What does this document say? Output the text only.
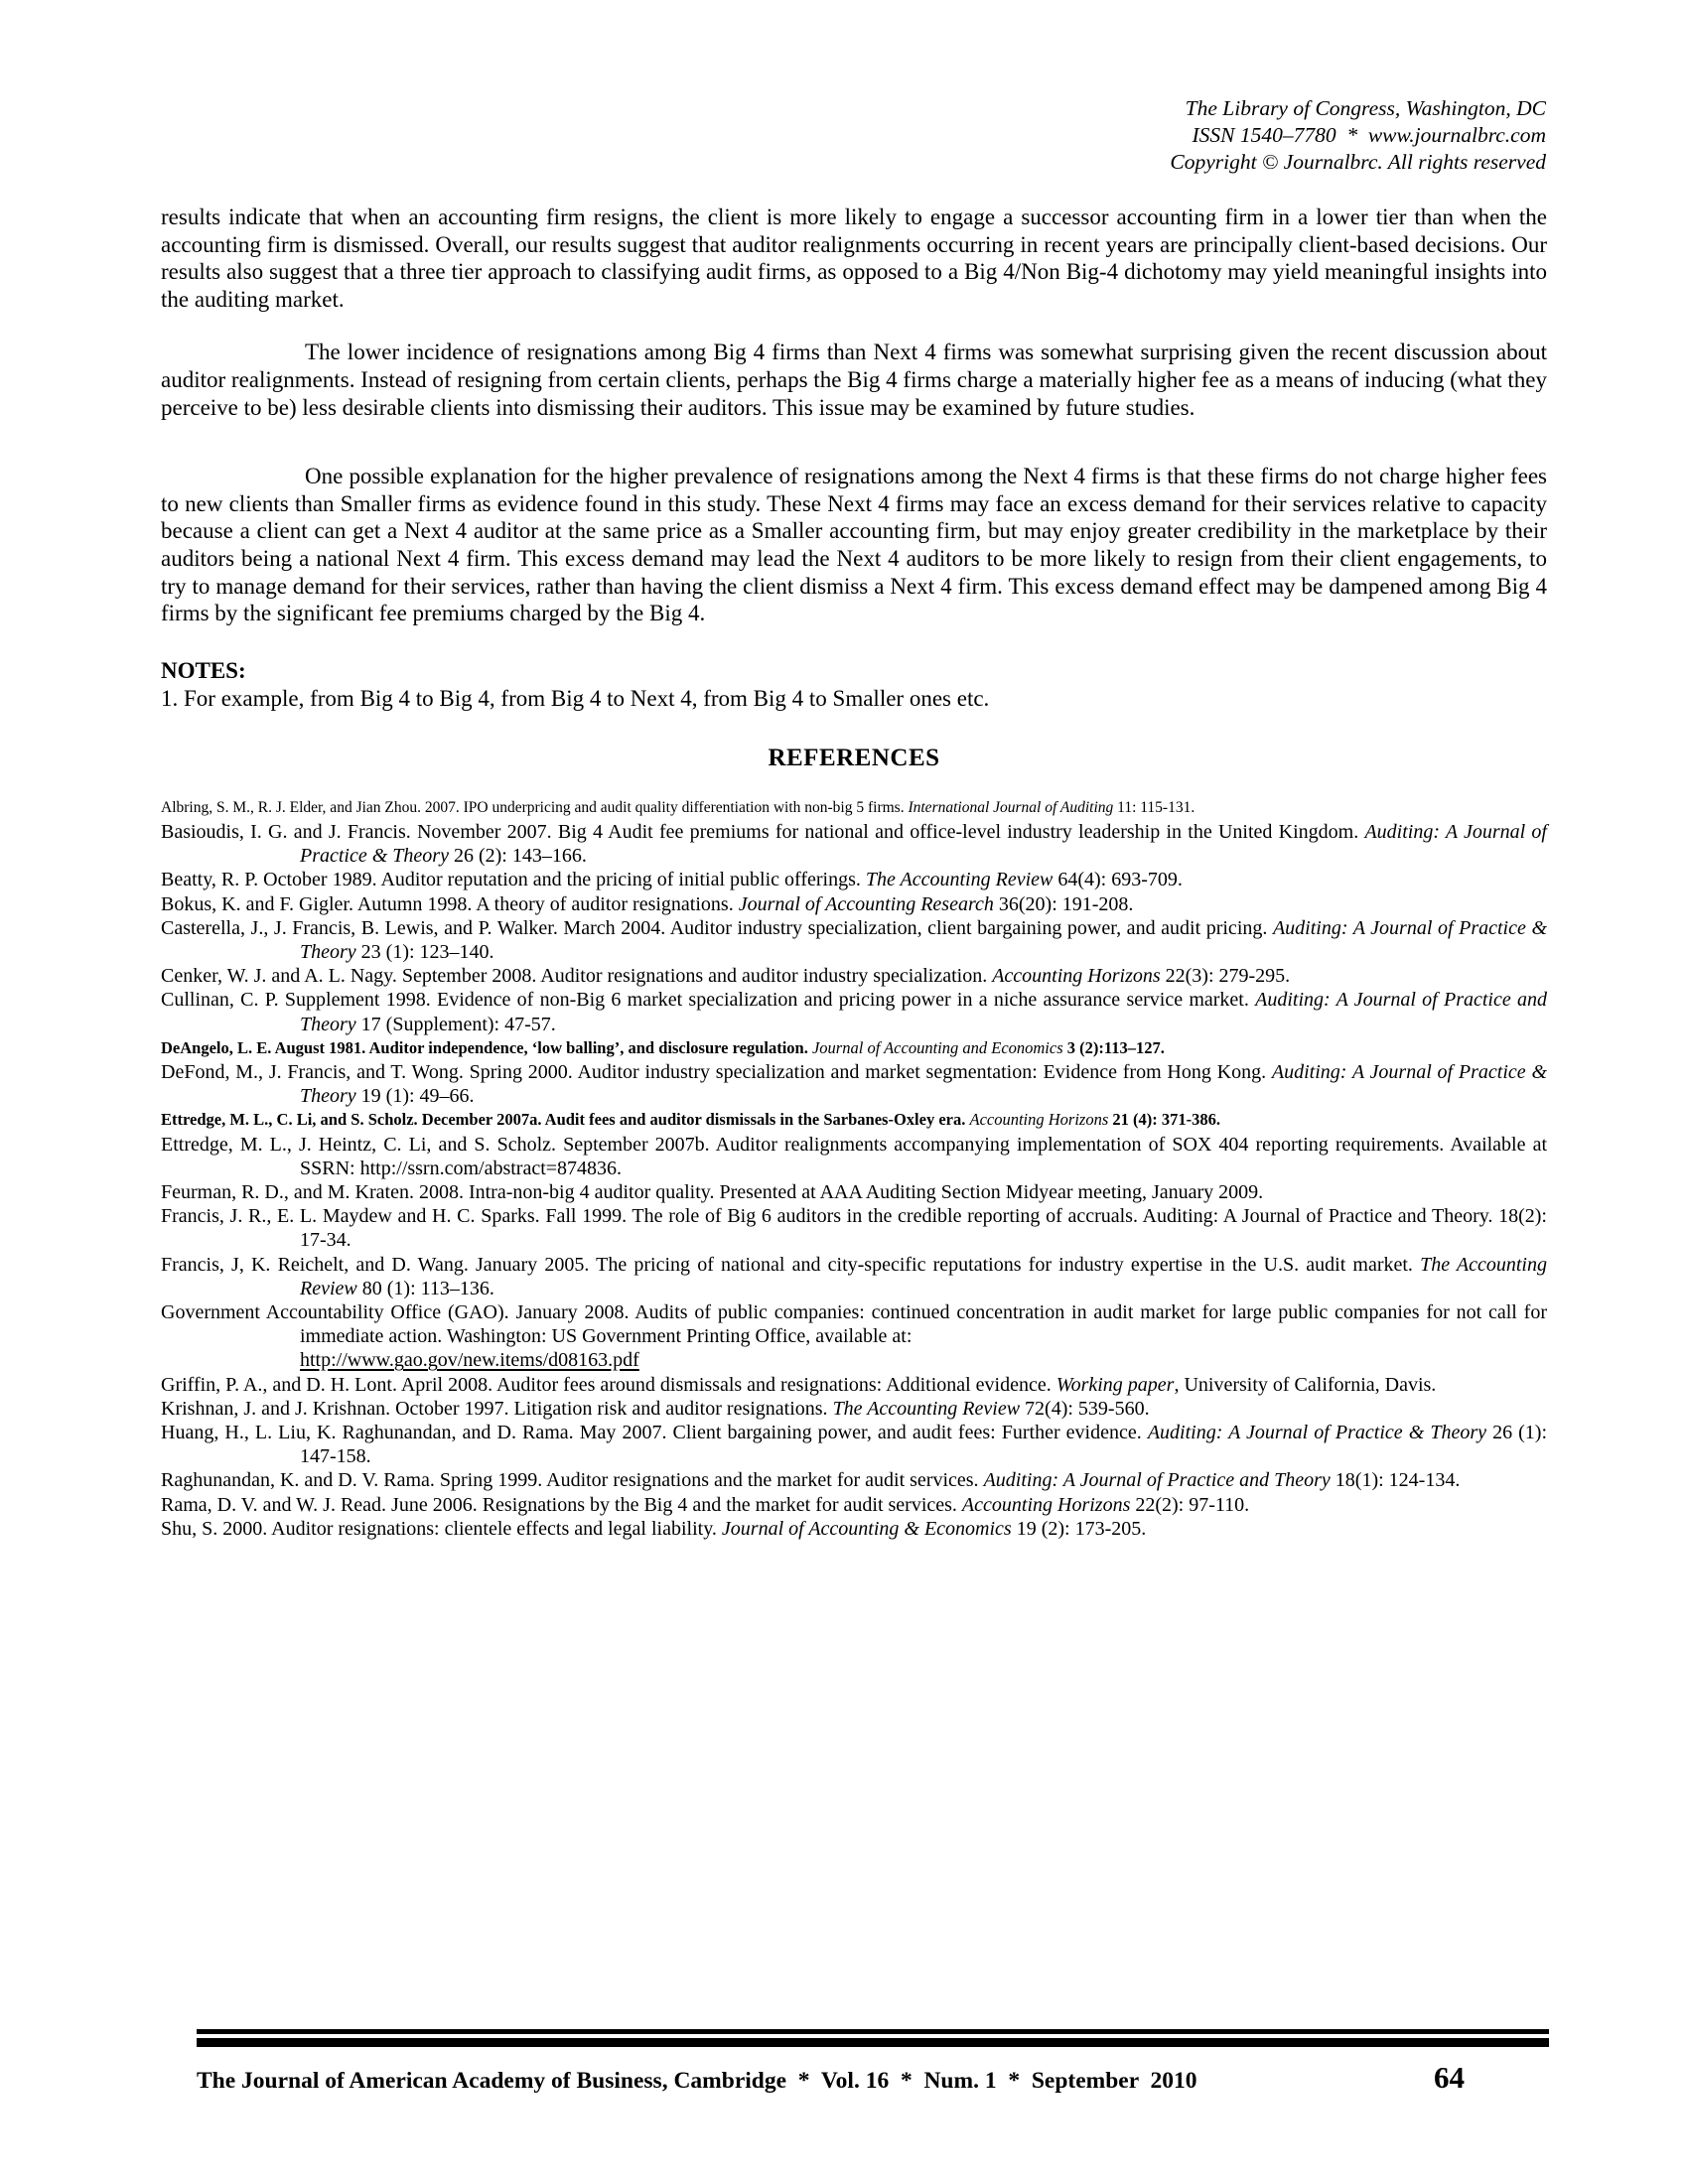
The Library of Congress, Washington, DC
ISSN 1540–7780  *  www.journalbrc.com
Copyright © Journalbrc. All rights reserved

results indicate that when an accounting firm resigns, the client is more likely to engage a successor accounting firm in a lower tier than when the accounting firm is dismissed. Overall, our results suggest that auditor realignments occurring in recent years are principally client-based decisions. Our results also suggest that a three tier approach to classifying audit firms, as opposed to a Big 4/Non Big-4 dichotomy may yield meaningful insights into the auditing market.

The lower incidence of resignations among Big 4 firms than Next 4 firms was somewhat surprising given the recent discussion about auditor realignments. Instead of resigning from certain clients, perhaps the Big 4 firms charge a materially higher fee as a means of inducing (what they perceive to be) less desirable clients into dismissing their auditors. This issue may be examined by future studies.

One possible explanation for the higher prevalence of resignations among the Next 4 firms is that these firms do not charge higher fees to new clients than Smaller firms as evidence found in this study. These Next 4 firms may face an excess demand for their services relative to capacity because a client can get a Next 4 auditor at the same price as a Smaller accounting firm, but may enjoy greater credibility in the marketplace by their auditors being a national Next 4 firm. This excess demand may lead the Next 4 auditors to be more likely to resign from their client engagements, to try to manage demand for their services, rather than having the client dismiss a Next 4 firm. This excess demand effect may be dampened among Big 4 firms by the significant fee premiums charged by the Big 4.

NOTES:
1. For example, from Big 4 to Big 4, from Big 4 to Next 4, from Big 4 to Smaller ones etc.
REFERENCES
Albring, S. M., R. J. Elder, and Jian Zhou. 2007. IPO underpricing and audit quality differentiation with non-big 5 firms. International Journal of Auditing 11: 115-131.
Basioudis, I. G. and J. Francis. November 2007. Big 4 Audit fee premiums for national and office-level industry leadership in the United Kingdom. Auditing: A Journal of Practice & Theory 26 (2): 143–166.
Beatty, R. P. October 1989. Auditor reputation and the pricing of initial public offerings. The Accounting Review 64(4): 693-709.
Bokus, K. and F. Gigler. Autumn 1998. A theory of auditor resignations. Journal of Accounting Research 36(20): 191-208.
Casterella, J., J. Francis, B. Lewis, and P. Walker. March 2004. Auditor industry specialization, client bargaining power, and audit pricing. Auditing: A Journal of Practice & Theory 23 (1): 123–140.
Cenker, W. J. and A. L. Nagy. September 2008. Auditor resignations and auditor industry specialization. Accounting Horizons 22(3): 279-295.
Cullinan, C. P. Supplement 1998. Evidence of non-Big 6 market specialization and pricing power in a niche assurance service market. Auditing: A Journal of Practice and Theory 17 (Supplement): 47-57.
DeAngelo, L. E. August 1981. Auditor independence, ‘low balling’, and disclosure regulation. Journal of Accounting and Economics 3 (2):113–127.
DeFond, M., J. Francis, and T. Wong. Spring 2000. Auditor industry specialization and market segmentation: Evidence from Hong Kong. Auditing: A Journal of Practice & Theory 19 (1): 49–66.
Ettredge, M. L., C. Li, and S. Scholz. December 2007a. Audit fees and auditor dismissals in the Sarbanes-Oxley era. Accounting Horizons 21 (4): 371-386.
Ettredge, M. L., J. Heintz, C. Li, and S. Scholz. September 2007b. Auditor realignments accompanying implementation of SOX 404 reporting requirements. Available at SSRN: http://ssrn.com/abstract=874836.
Feurman, R. D., and M. Kraten. 2008. Intra-non-big 4 auditor quality. Presented at AAA Auditing Section Midyear meeting, January 2009.
Francis, J. R., E. L. Maydew and H. C. Sparks. Fall 1999. The role of Big 6 auditors in the credible reporting of accruals. Auditing: A Journal of Practice and Theory. 18(2): 17-34.
Francis, J, K. Reichelt, and D. Wang. January 2005. The pricing of national and city-specific reputations for industry expertise in the U.S. audit market. The Accounting Review 80 (1): 113–136.
Government Accountability Office (GAO). January 2008. Audits of public companies: continued concentration in audit market for large public companies for not call for immediate action. Washington: US Government Printing Office, available at:
http://www.gao.gov/new.items/d08163.pdf
Griffin, P. A., and D. H. Lont. April 2008. Auditor fees around dismissals and resignations: Additional evidence. Working paper, University of California, Davis.
Krishnan, J. and J. Krishnan. October 1997. Litigation risk and auditor resignations. The Accounting Review 72(4): 539-560.
Huang, H., L. Liu, K. Raghunandan, and D. Rama. May 2007. Client bargaining power, and audit fees: Further evidence. Auditing: A Journal of Practice & Theory 26 (1): 147-158.
Raghunandan, K. and D. V. Rama. Spring 1999. Auditor resignations and the market for audit services. Auditing: A Journal of Practice and Theory 18(1): 124-134.
Rama, D. V. and W. J. Read. June 2006. Resignations by the Big 4 and the market for audit services. Accounting Horizons 22(2): 97-110.
Shu, S. 2000. Auditor resignations: clientele effects and legal liability. Journal of Accounting & Economics 19 (2): 173-205.
The Journal of American Academy of Business, Cambridge  *  Vol. 16  *  Num. 1  *  September  2010	64
